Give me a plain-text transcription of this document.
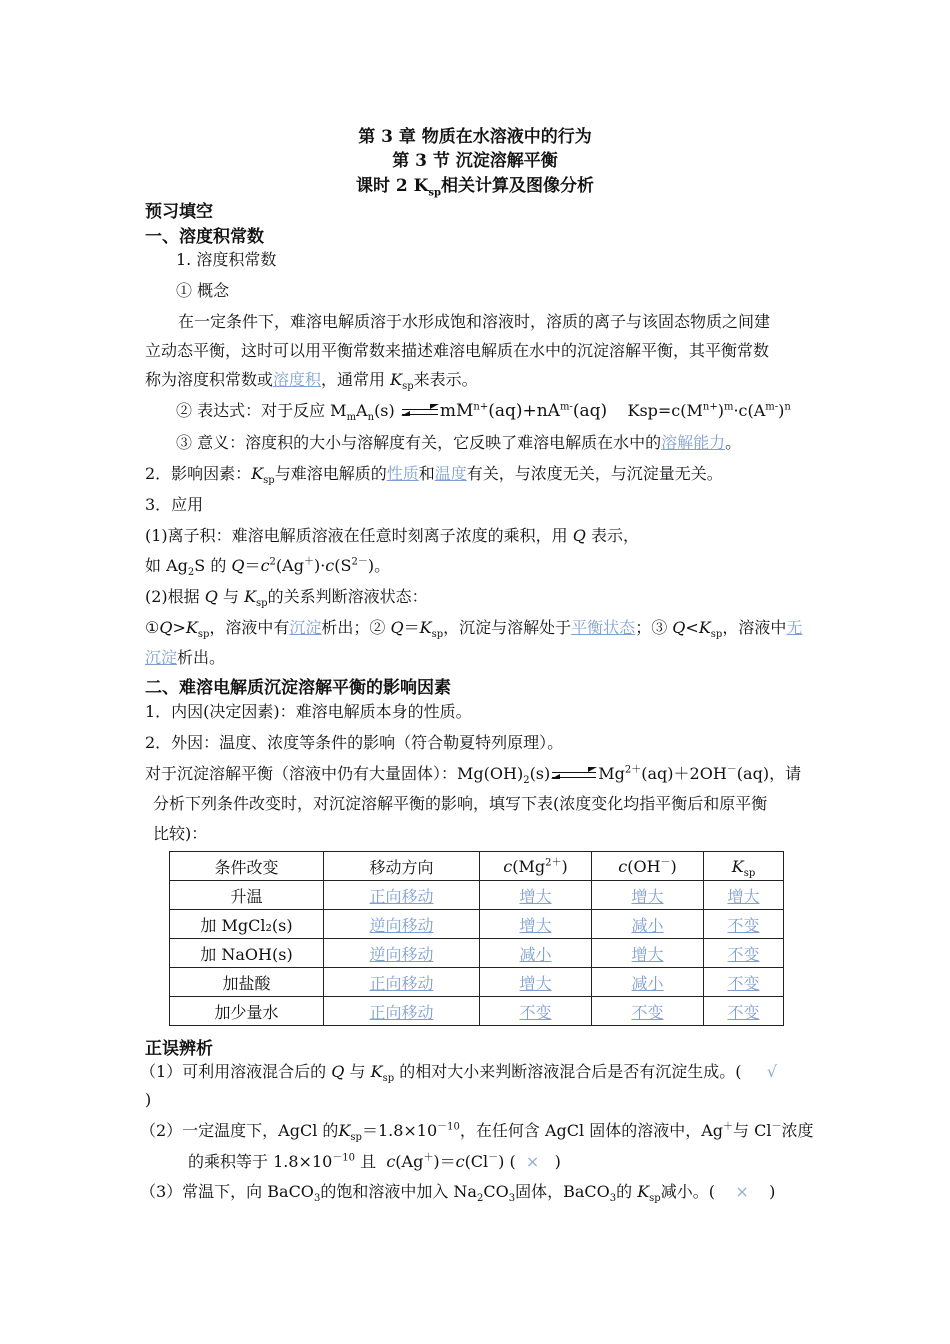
第 3 章 物质在水溶液中的行为
第 3 节 沉淀溶解平衡
课时 2 $K_{sp}$相关计算及图像分析
预习填空
一、溶度积常数
1. 溶度积常数
① 概念
在一定条件下，难溶电解质溶于水形成饱和溶液时，溶质的离子与该固态物质之间建
立动态平衡，这时可以用平衡常数来描述难溶电解质在水中的沉淀溶解平衡，其平衡常数
称为溶度积常数或溶度积，通常用 $K_{sp}$来表示。
② 表达式：对于反应 $M_mA_n(s)$
$mM^{n+}(aq)+nA^{m-}(aq)$ $Ksp=c(M^{n+})^m\cdot c(A^{m-})^n$
③ 意义：溶度积的大小与溶解度有关，它反映了难溶电解质在水中的溶解能力。
2．影响因素：$K_{sp}$与难溶电解质的性质和温度有关，与浓度无关，与沉淀量无关。
3．应用
(1)离子积：难溶电解质溶液在任意时刻离子浓度的乘积，用 Q 表示，
如 $Ag_2S$ 的 $Q=c^2(Ag^+)\cdot c(S^{2-})$。
(2)根据 Q 与 $K_{sp}$的关系判断溶液状态：
$①Q>K_{sp}$，溶液中有沉淀析出；② $Q=K_{sp}$，沉淀与溶解处于平衡状态；③ $Q<K_{sp}$，溶液中无
沉淀析出。
二、难溶电解质沉淀溶解平衡的影响因素
1．内因(决定因素)：难溶电解质本身的性质。
2．外因：温度、浓度等条件的影响（符合勒夏特列原理）。
对于沉淀溶解平衡（溶液中仍有大量固体）：$Mg(OH)_2(s)$	$Mg^{2+}(aq)+2OH^-(aq)$，请
分析下列条件改变时，对沉淀溶解平衡的影响，填写下表(浓度变化均指平衡后和原平衡
比较)：
条件改变	移动方向	$c(Mg^{2+})$	c(OH－)	$K_{sp}$
升温	正向移动	增大	增大	增大
加 MgCl₂(s)	逆向移动	增大	减小	不变
加 NaOH(s)	逆向移动	减小	增大	不变
加盐酸	正向移动	增大	减小	不变
加少量水	正向移动	不变	不变	不变
正误辨析
（1）可利用溶液混合后的 Q 与 $K_{sp}$ 的相对大小来判断溶液混合后是否有沉淀生成。( √
)
（2）一定温度下，AgCl 的$K_{sp}=1.8\times 10^{-10}$，在任何含 AgCl 固体的溶液中，Ag＋与 Cl－浓度
的乘积等于 $1.8\times 10^{-10}$ 且 c(Ag＋)＝c(Cl－) ( × )
（3）常温下，向 BaCO$_3$的饱和溶液中加入 $Na_2CO_3$固体，BaCO$_3$的 $K_{sp}$减小。( × )
